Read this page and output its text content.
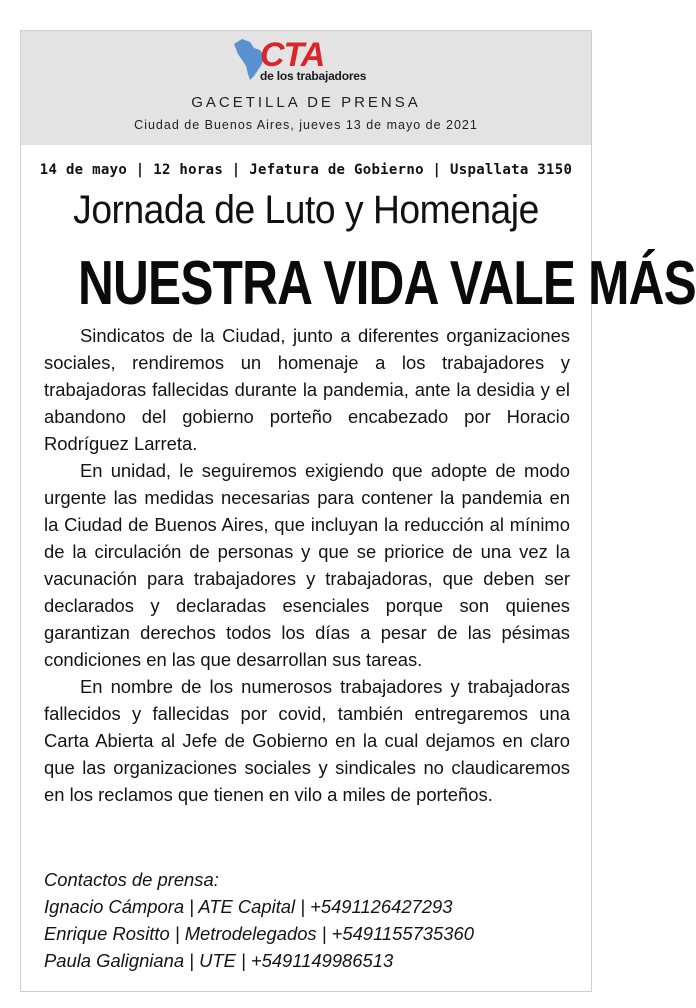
CTA
de los trabajadores
GACETILLA DE PRENSA
Ciudad de Buenos Aires, jueves 13 de mayo de 2021
14 de mayo | 12 horas | Jefatura de Gobierno | Uspallata 3150
Jornada de Luto y Homenaje
NUESTRA VIDA VALE MÁS

Sindicatos de la Ciudad, junto a diferentes organizaciones sociales, rendiremos un homenaje a los trabajadores y trabajadoras fallecidas durante la pandemia, ante la desidia y el abandono del gobierno porteño encabezado por Horacio Rodríguez Larreta.

En unidad, le seguiremos exigiendo que adopte de modo urgente las medidas necesarias para contener la pandemia en la Ciudad de Buenos Aires, que incluyan la reducción al mínimo de la circulación de personas y que se priorice de una vez la vacunación para trabajadores y trabajadoras, que deben ser declarados y declaradas esenciales porque son quienes garantizan derechos todos los días a pesar de las pésimas condiciones en las que desarrollan sus tareas.

En nombre de los numerosos trabajadores y trabajadoras fallecidos y fallecidas por covid, también entregaremos una Carta Abierta al Jefe de Gobierno en la cual dejamos en claro que las organizaciones sociales y sindicales no claudicaremos en los reclamos que tienen en vilo a miles de porteños.

Contactos de prensa:
Ignacio Cámpora | ATE Capital | +5491126427293
Enrique Rositto | Metrodelegados | +5491155735360
Paula Galigniana | UTE | +5491149986513
